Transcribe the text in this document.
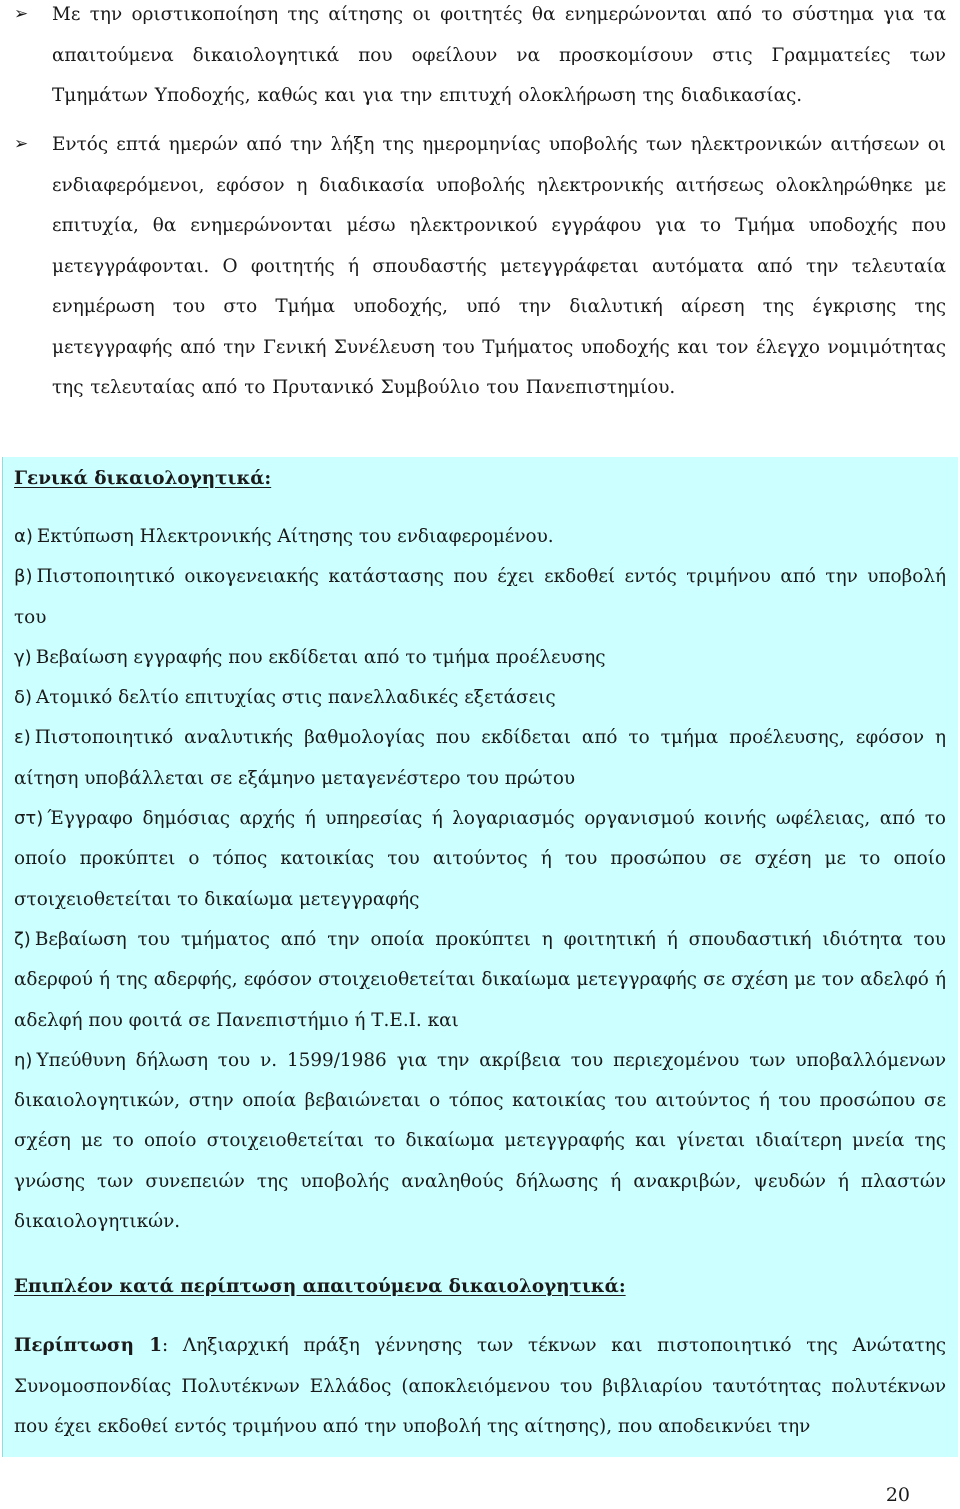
➢	Με την οριστικοποίηση της αίτησης οι φοιτητές θα ενημερώνονται από το σύστημα για τα απαιτούμενα δικαιολογητικά που οφείλουν να προσκομίσουν στις Γραμματείες των Τμημάτων Υποδοχής, καθώς και για την επιτυχή ολοκλήρωση της διαδικασίας.
➢	Εντός επτά ημερών από την λήξη της ημερομηνίας υποβολής των ηλεκτρονικών αιτήσεων οι ενδιαφερόμενοι, εφόσον η διαδικασία υποβολής ηλεκτρονικής αιτήσεως ολοκληρώθηκε με επιτυχία, θα ενημερώνονται μέσω ηλεκτρονικού εγγράφου για το Τμήμα υποδοχής που μετεγγράφονται. Ο φοιτητής ή σπουδαστής μετεγγράφεται αυτόματα από την τελευταία ενημέρωση του στο Τμήμα υποδοχής, υπό την διαλυτική αίρεση της έγκρισης της μετεγγραφής από την Γενική Συνέλευση του Τμήματος υποδοχής και τον έλεγχο νομιμότητας της τελευταίας από το Πρυτανικό Συμβούλιο του Πανεπιστημίου.
Γενικά δικαιολογητικά:
α) Εκτύπωση Ηλεκτρονικής Αίτησης του ενδιαφερομένου.
β) Πιστοποιητικό οικογενειακής κατάστασης που έχει εκδοθεί εντός τριμήνου από την υποβολή του
γ) Βεβαίωση εγγραφής που εκδίδεται από το τμήμα προέλευσης
δ) Ατομικό δελτίο επιτυχίας στις πανελλαδικές εξετάσεις
ε) Πιστοποιητικό αναλυτικής βαθμολογίας που εκδίδεται από το τμήμα προέλευσης, εφόσον η αίτηση υποβάλλεται σε εξάμηνο μεταγενέστερο του πρώτου
στ) Έγγραφο δημόσιας αρχής ή υπηρεσίας ή λογαριασμός οργανισμού κοινής ωφέλειας, από το οποίο προκύπτει ο τόπος κατοικίας του αιτούντος ή του προσώπου σε σχέση με το οποίο στοιχειοθετείται το δικαίωμα μετεγγραφής
ζ) Βεβαίωση του τμήματος από την οποία προκύπτει η φοιτητική ή σπουδαστική ιδιότητα του αδερφού ή της αδερφής, εφόσον στοιχειοθετείται δικαίωμα μετεγγραφής σε σχέση με τον αδελφό ή αδελφή που φοιτά σε Πανεπιστήμιο ή Τ.Ε.Ι. και
η) Υπεύθυνη δήλωση του ν. 1599/1986 για την ακρίβεια του περιεχομένου των υποβαλλόμενων δικαιολογητικών, στην οποία βεβαιώνεται ο τόπος κατοικίας του αιτούντος ή του προσώπου σε σχέση με το οποίο στοιχειοθετείται το δικαίωμα μετεγγραφής και γίνεται ιδιαίτερη μνεία της γνώσης των συνεπειών της υποβολής αναληθούς δήλωσης ή ανακριβών, ψευδών ή πλαστών δικαιολογητικών.
Επιπλέον κατά περίπτωση απαιτούμενα δικαιολογητικά:
Περίπτωση 1: Ληξιαρχική πράξη γέννησης των τέκνων και πιστοποιητικό της Ανώτατης Συνομοσπονδίας Πολυτέκνων Ελλάδος (αποκλειόμενου του βιβλιαρίου ταυτότητας πολυτέκνων που έχει εκδοθεί εντός τριμήνου από την υποβολή της αίτησης), που αποδεικνύει την
20
